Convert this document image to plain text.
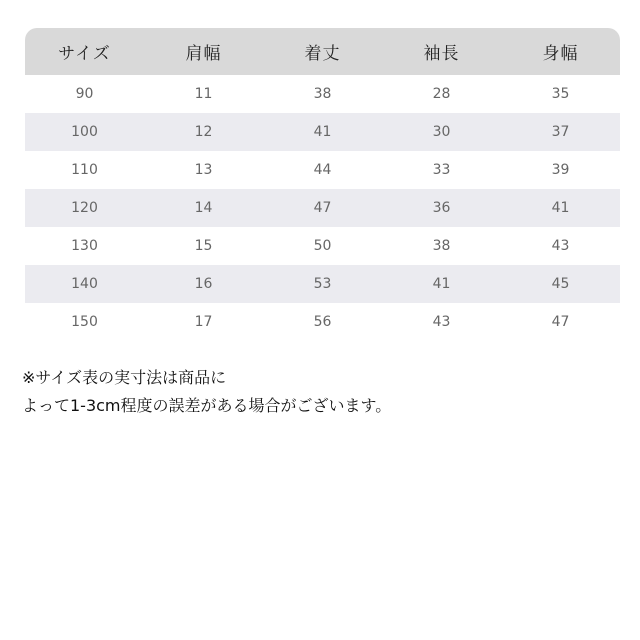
サイズ	肩幅	着丈	袖長	身幅
90	11	38	28	35
100	12	41	30	37
110	13	44	33	39
120	14	47	36	41
130	15	50	38	43
140	16	53	41	45
150	17	56	43	47
※サイズ表の実寸法は商品に
よって1-3cm程度の誤差がある場合がございます。
